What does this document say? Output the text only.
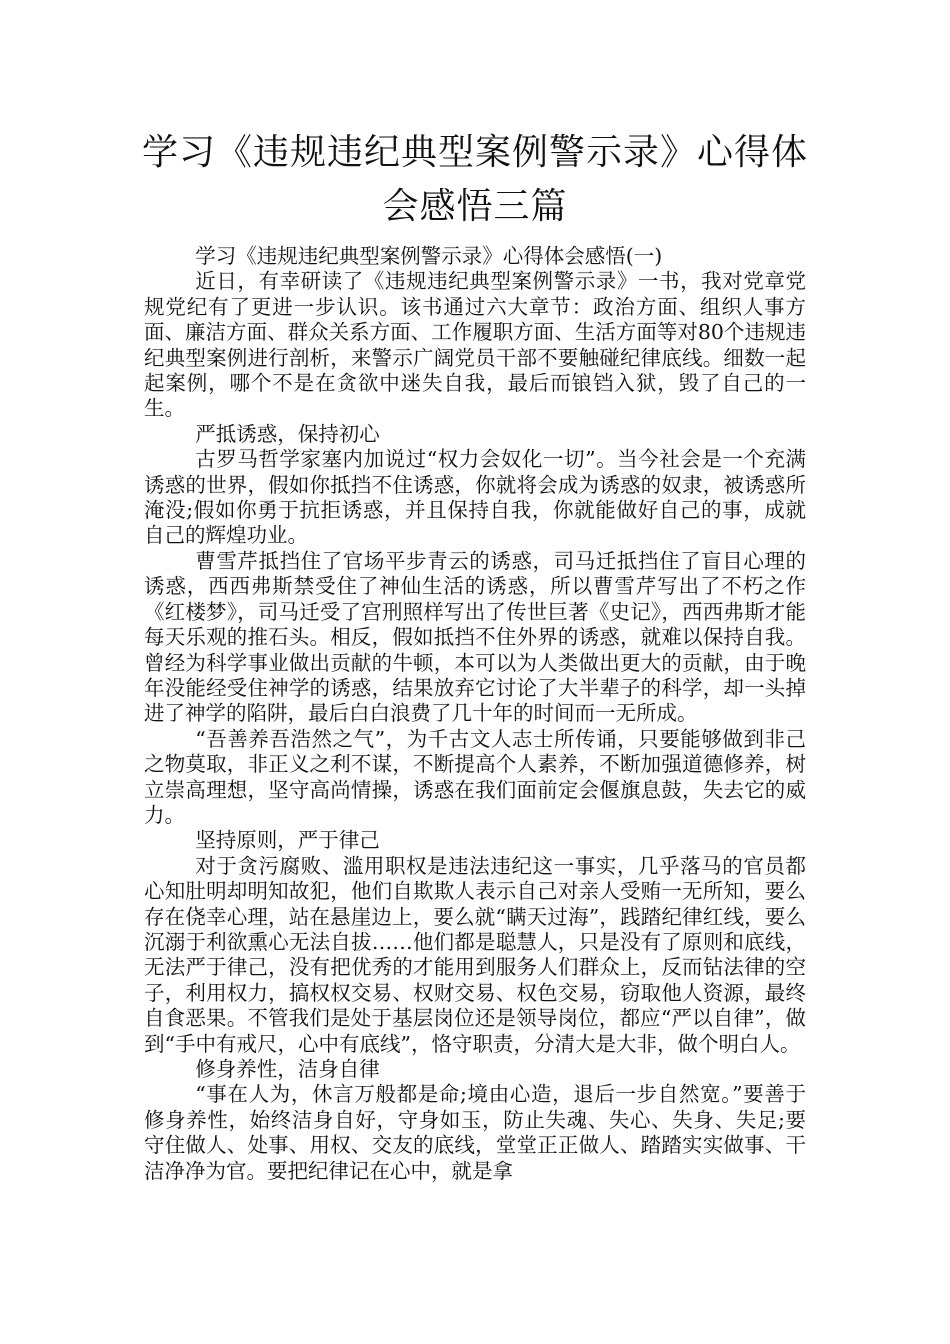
学习《违规违纪典型案例警示录》心得体会感悟三篇

学习《违规违纪典型案例警示录》心得体会感悟(一)

近日，有幸研读了《违规违纪典型案例警示录》一书，我对党章党规党纪有了更进一步认识。该书通过六大章节：政治方面、组织人事方面、廉洁方面、群众关系方面、工作履职方面、生活方面等对80个违规违纪典型案例进行剖析，来警示广阔党员干部不要触碰纪律底线。细数一起起案例，哪个不是在贪欲中迷失自我，最后而锒铛入狱，毁了自己的一生。

严抵诱惑，保持初心

古罗马哲学家塞内加说过“权力会奴化一切”。当今社会是一个充满诱惑的世界，假如你抵挡不住诱惑，你就将会成为诱惑的奴隶，被诱惑所淹没;假如你勇于抗拒诱惑，并且保持自我，你就能做好自己的事，成就自己的辉煌功业。

曹雪芹抵挡住了官场平步青云的诱惑，司马迁抵挡住了盲目心理的诱惑，西西弗斯禁受住了神仙生活的诱惑，所以曹雪芹写出了不朽之作《红楼梦》，司马迁受了宫刑照样写出了传世巨著《史记》，西西弗斯才能每天乐观的推石头。相反，假如抵挡不住外界的诱惑，就难以保持自我。曾经为科学事业做出贡献的牛顿，本可以为人类做出更大的贡献，由于晚年没能经受住神学的诱惑，结果放弃它讨论了大半辈子的科学，却一头掉进了神学的陷阱，最后白白浪费了几十年的时间而一无所成。

“吾善养吾浩然之气”，为千古文人志士所传诵，只要能够做到非己之物莫取，非正义之利不谋，不断提高个人素养，不断加强道德修养，树立崇高理想，坚守高尚情操，诱惑在我们面前定会偃旗息鼓，失去它的威力。

坚持原则，严于律己

对于贪污腐败、滥用职权是违法违纪这一事实，几乎落马的官员都心知肚明却明知故犯，他们自欺欺人表示自己对亲人受贿一无所知，要么存在侥幸心理，站在悬崖边上，要么就“瞒天过海”，践踏纪律红线，要么沉溺于利欲熏心无法自拔……他们都是聪慧人，只是没有了原则和底线，无法严于律己，没有把优秀的才能用到服务人们群众上，反而钻法律的空子，利用权力，搞权权交易、权财交易、权色交易，窃取他人资源，最终自食恶果。不管我们是处于基层岗位还是领导岗位，都应“严以自律”，做到“手中有戒尺，心中有底线”，恪守职责，分清大是大非，做个明白人。

修身养性，洁身自律

“事在人为，休言万般都是命;境由心造，退后一步自然宽。”要善于修身养性，始终洁身自好，守身如玉，防止失魂、失心、失身、失足;要守住做人、处事、用权、交友的底线，堂堂正正做人、踏踏实实做事、干洁净净为官。要把纪律记在心中，就是拿
